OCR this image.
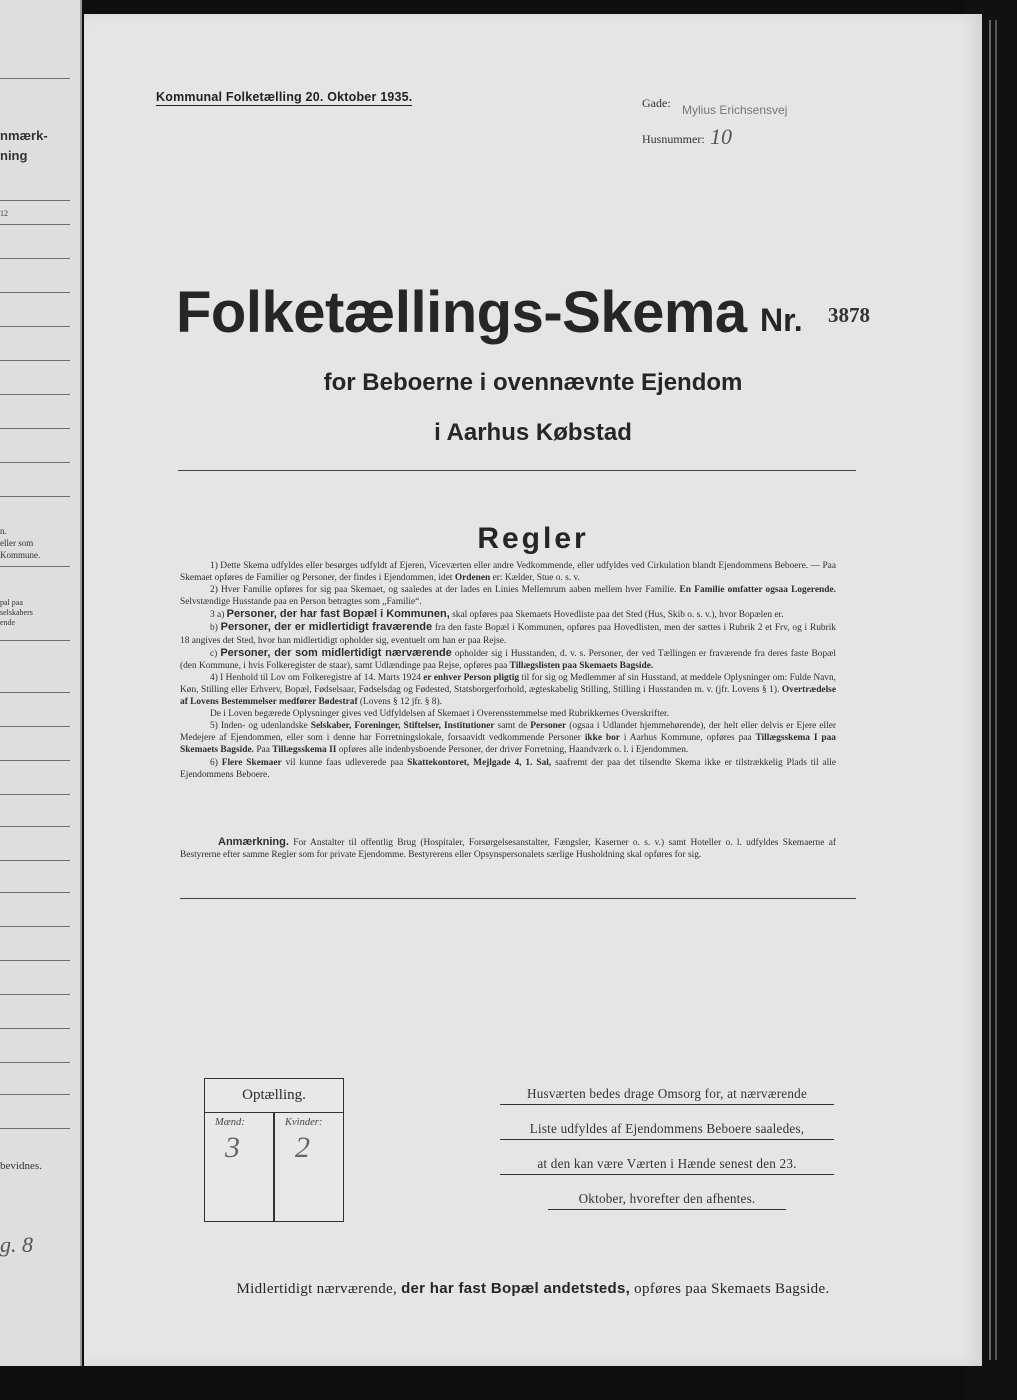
nmærk-
ning
12
n.
eller som
Kommune.
pal paa
selskabers
ende
bevidnes.
g. 8
Kommunal Folketælling 20. Oktober 1935.	Gade: Mylius Erichsensvej
Husnummer: 10
Folketællings-Skema Nr. 3878
for Beboerne i ovennævnte Ejendom
i Aarhus Købstad
Regler

1) Dette Skema udfyldes eller besørges udfyldt af Ejeren, Viceværten eller andre Vedkommende, eller udfyldes ved Cirkulation blandt Ejendommens Beboere. — Paa Skemaet opføres de Familier og Personer, der findes i Ejendommen, idet Ordenen er: Kælder, Stue o. s. v.

2) Hver Familie opføres for sig paa Skemaet, og saaledes at der lades en Linies Mellemrum aaben mellem hver Familie. En Familie omfatter ogsaa Logerende. Selvstændige Husstande paa en Person betragtes som „Familie“.

3 a) Personer, der har fast Bopæl i Kommunen, skal opføres paa Skemaets Hovedliste paa det Sted (Hus, Skib o. s. v.), hvor Bopælen er.

b) Personer, der er midlertidigt fraværende fra den faste Bopæl i Kommunen, opføres paa Hovedlisten, men der sættes i Rubrik 2 et Frv, og i Rubrik 18 angives det Sted, hvor han midlertidigt opholder sig, eventuelt om han er paa Rejse.

c) Personer, der som midlertidigt nærværende opholder sig i Husstanden, d. v. s. Personer, der ved Tællingen er fraværende fra deres faste Bopæl (den Kommune, i hvis Folkeregister de staar), samt Udlændinge paa Rejse, opføres paa Tillægslisten paa Skemaets Bagside.

4) I Henhold til Lov om Folkeregistre af 14. Marts 1924 er enhver Person pligtig til for sig og Medlemmer af sin Husstand, at meddele Oplysninger om: Fulde Navn, Køn, Stilling eller Erhverv, Bopæl, Fødselsaar, Fødselsdag og Fødested, Statsborgerforhold, ægteskabelig Stilling, Stilling i Husstanden m. v. (jfr. Lovens § 1). Overtrædelse af Lovens Bestemmelser medfører Bødestraf (Lovens § 12 jfr. § 8).

De i Loven begærede Oplysninger gives ved Udfyldelsen af Skemaet i Overensstemmelse med Rubrikkernes Overskrifter.

5) Inden- og udenlandske Selskaber, Foreninger, Stiftelser, Institutioner samt de Personer (ogsaa i Udlandet hjemmehørende), der helt eller delvis er Ejere eller Medejere af Ejendommen, eller som i denne har Forretningslokale, forsaavidt vedkommende Personer ikke bor i Aarhus Kommune, opføres paa Tillægsskema I paa Skemaets Bagside. Paa Tillægsskema II opføres alle indenbysboende Personer, der driver Forretning, Haandværk o. l. i Ejendommen.

6) Flere Skemaer vil kunne faas udleverede paa Skattekontoret, Mejlgade 4, 1. Sal, saafremt der paa det tilsendte Skema ikke er tilstrækkelig Plads til alle Ejendommens Beboere.

Anmærkning. For Anstalter til offentlig Brug (Hospitaler, Forsørgelsesanstalter, Fængsler, Kaserner o. s. v.) samt Hoteller o. l. udfyldes Skemaerne af Bestyrerne efter samme Regler som for private Ejendomme. Bestyrerens eller Opsynspersonalets særlige Husholdning skal opføres for sig.

Optælling.
Mænd:
3
Kvinder:
2
Husværten bedes drage Omsorg for, at nærværende
Liste udfyldes af Ejendommens Beboere saaledes,
at den kan være Værten i Hænde senest den 23.
Oktober, hvorefter den afhentes.
Midlertidigt nærværende, der har fast Bopæl andetsteds, opføres paa Skemaets Bagside.
